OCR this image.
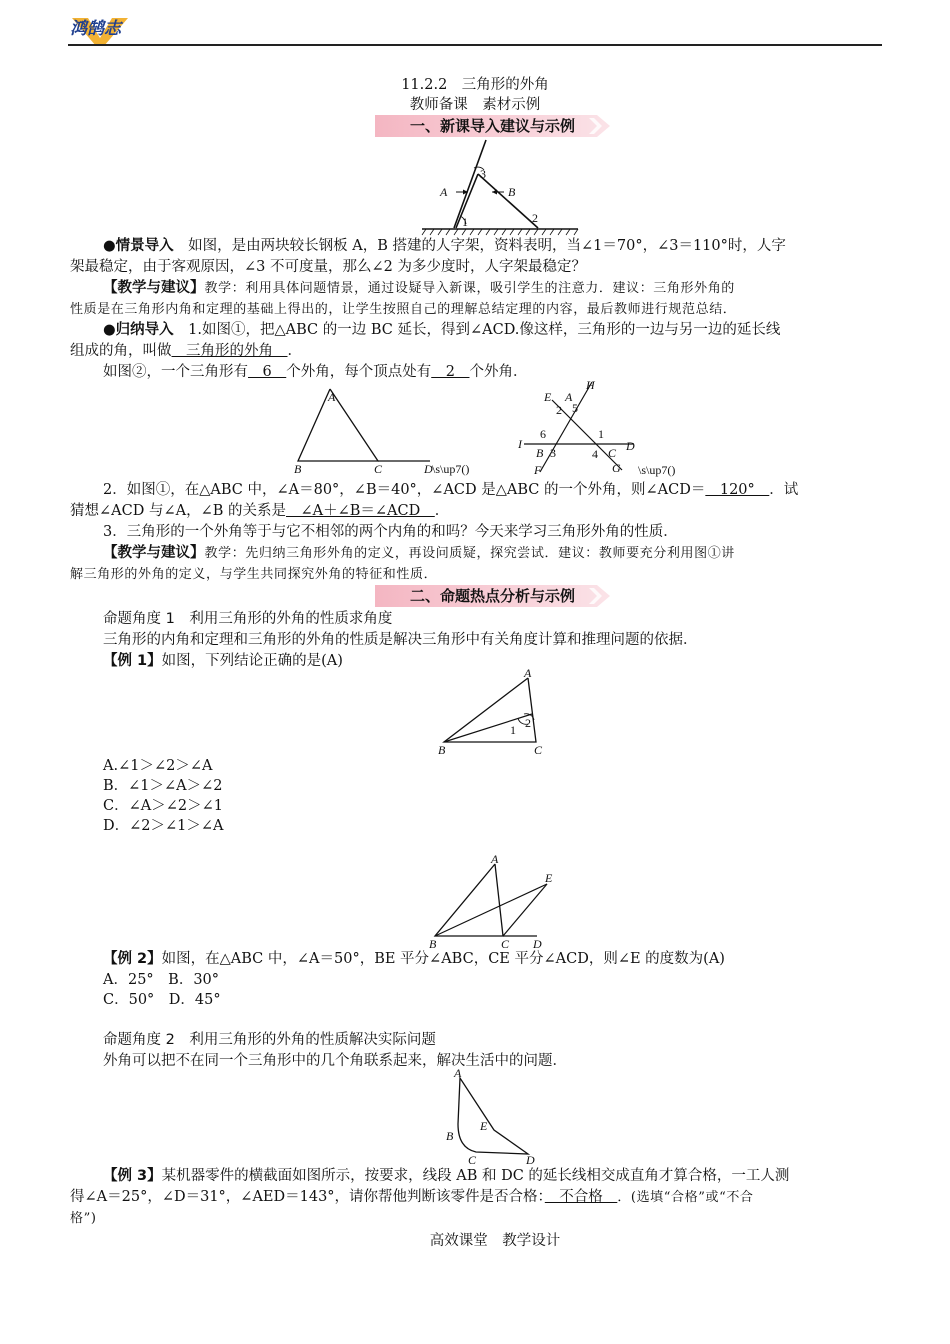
鸿鹄志
11.2.2　三角形的外角
教师备课　素材示例
一、新课导入建议与示例
3
A	B
1	2
●情景导入　如图，是由两块较长钢板 A，B 搭建的人字架，资料表明，当∠1＝70°，∠3＝110°时，人字
架最稳定，由于客观原因，∠3 不可度量，那么∠2 为多少度时，人字架最稳定？
【教学与建议】教学：利用具体问题情景，通过设疑导入新课，吸引学生的注意力．建议：三角形外角的
性质是在三角形内角和定理的基础上得出的，让学生按照自己的理解总结定理的内容，最后教师进行规范总结．
●归纳导入　1.如图①，把△ABC 的一边 BC 延长，得到∠ACD.像这样，三角形的一边与另一边的延长线
组成的角，叫做　三角形的外角　．
如图②，一个三角形有　6　个外角，每个顶点处有　2　个外角．
A
B	C	D \s\up7()
H
E A
2 5
I
6	1
D
B 3	4 C
F	G \s\up7()
2．如图①，在△ABC 中，∠A＝80°，∠B＝40°，∠ACD 是△ABC 的一个外角，则∠ACD＝　120°　．试
猜想∠ACD 与∠A，∠B 的关系是　∠A＋∠B＝∠ACD　．
3．三角形的一个外角等于与它不相邻的两个内角的和吗？今天来学习三角形外角的性质．
【教学与建议】教学：先归纳三角形外角的定义，再设问质疑，探究尝试．建议：教师要充分利用图①讲
解三角形的外角的定义，与学生共同探究外角的特征和性质．
二、命题热点分析与示例
命题角度 1　利用三角形的外角的性质求角度
三角形的内角和定理和三角形的外角的性质是解决三角形中有关角度计算和推理问题的依据．
【例 1】如图，下列结论正确的是(A)
A
2
1
B	C
A.∠1＞∠2＞∠A
B．∠1＞∠A＞∠2
C．∠A＞∠2＞∠1
D．∠2＞∠1＞∠A
A
E
B	C D
【例 2】如图，在△ABC 中，∠A＝50°，BE 平分∠ABC，CE 平分∠ACD，则∠E 的度数为(A)
A．25°　B．30°
C．50°　D．45°
命题角度 2　利用三角形的外角的性质解决实际问题
外角可以把不在同一个三角形中的几个角联系起来，解决生活中的问题．
A
E
B
C	D
【例 3】某机器零件的横截面如图所示，按要求，线段 AB 和 DC 的延长线相交成直角才算合格，一工人测
得∠A＝25°，∠D＝31°，∠AED＝143°，请你帮他判断该零件是否合格：　不合格　．(选填“合格”或“不合
格”)
高效课堂　教学设计
